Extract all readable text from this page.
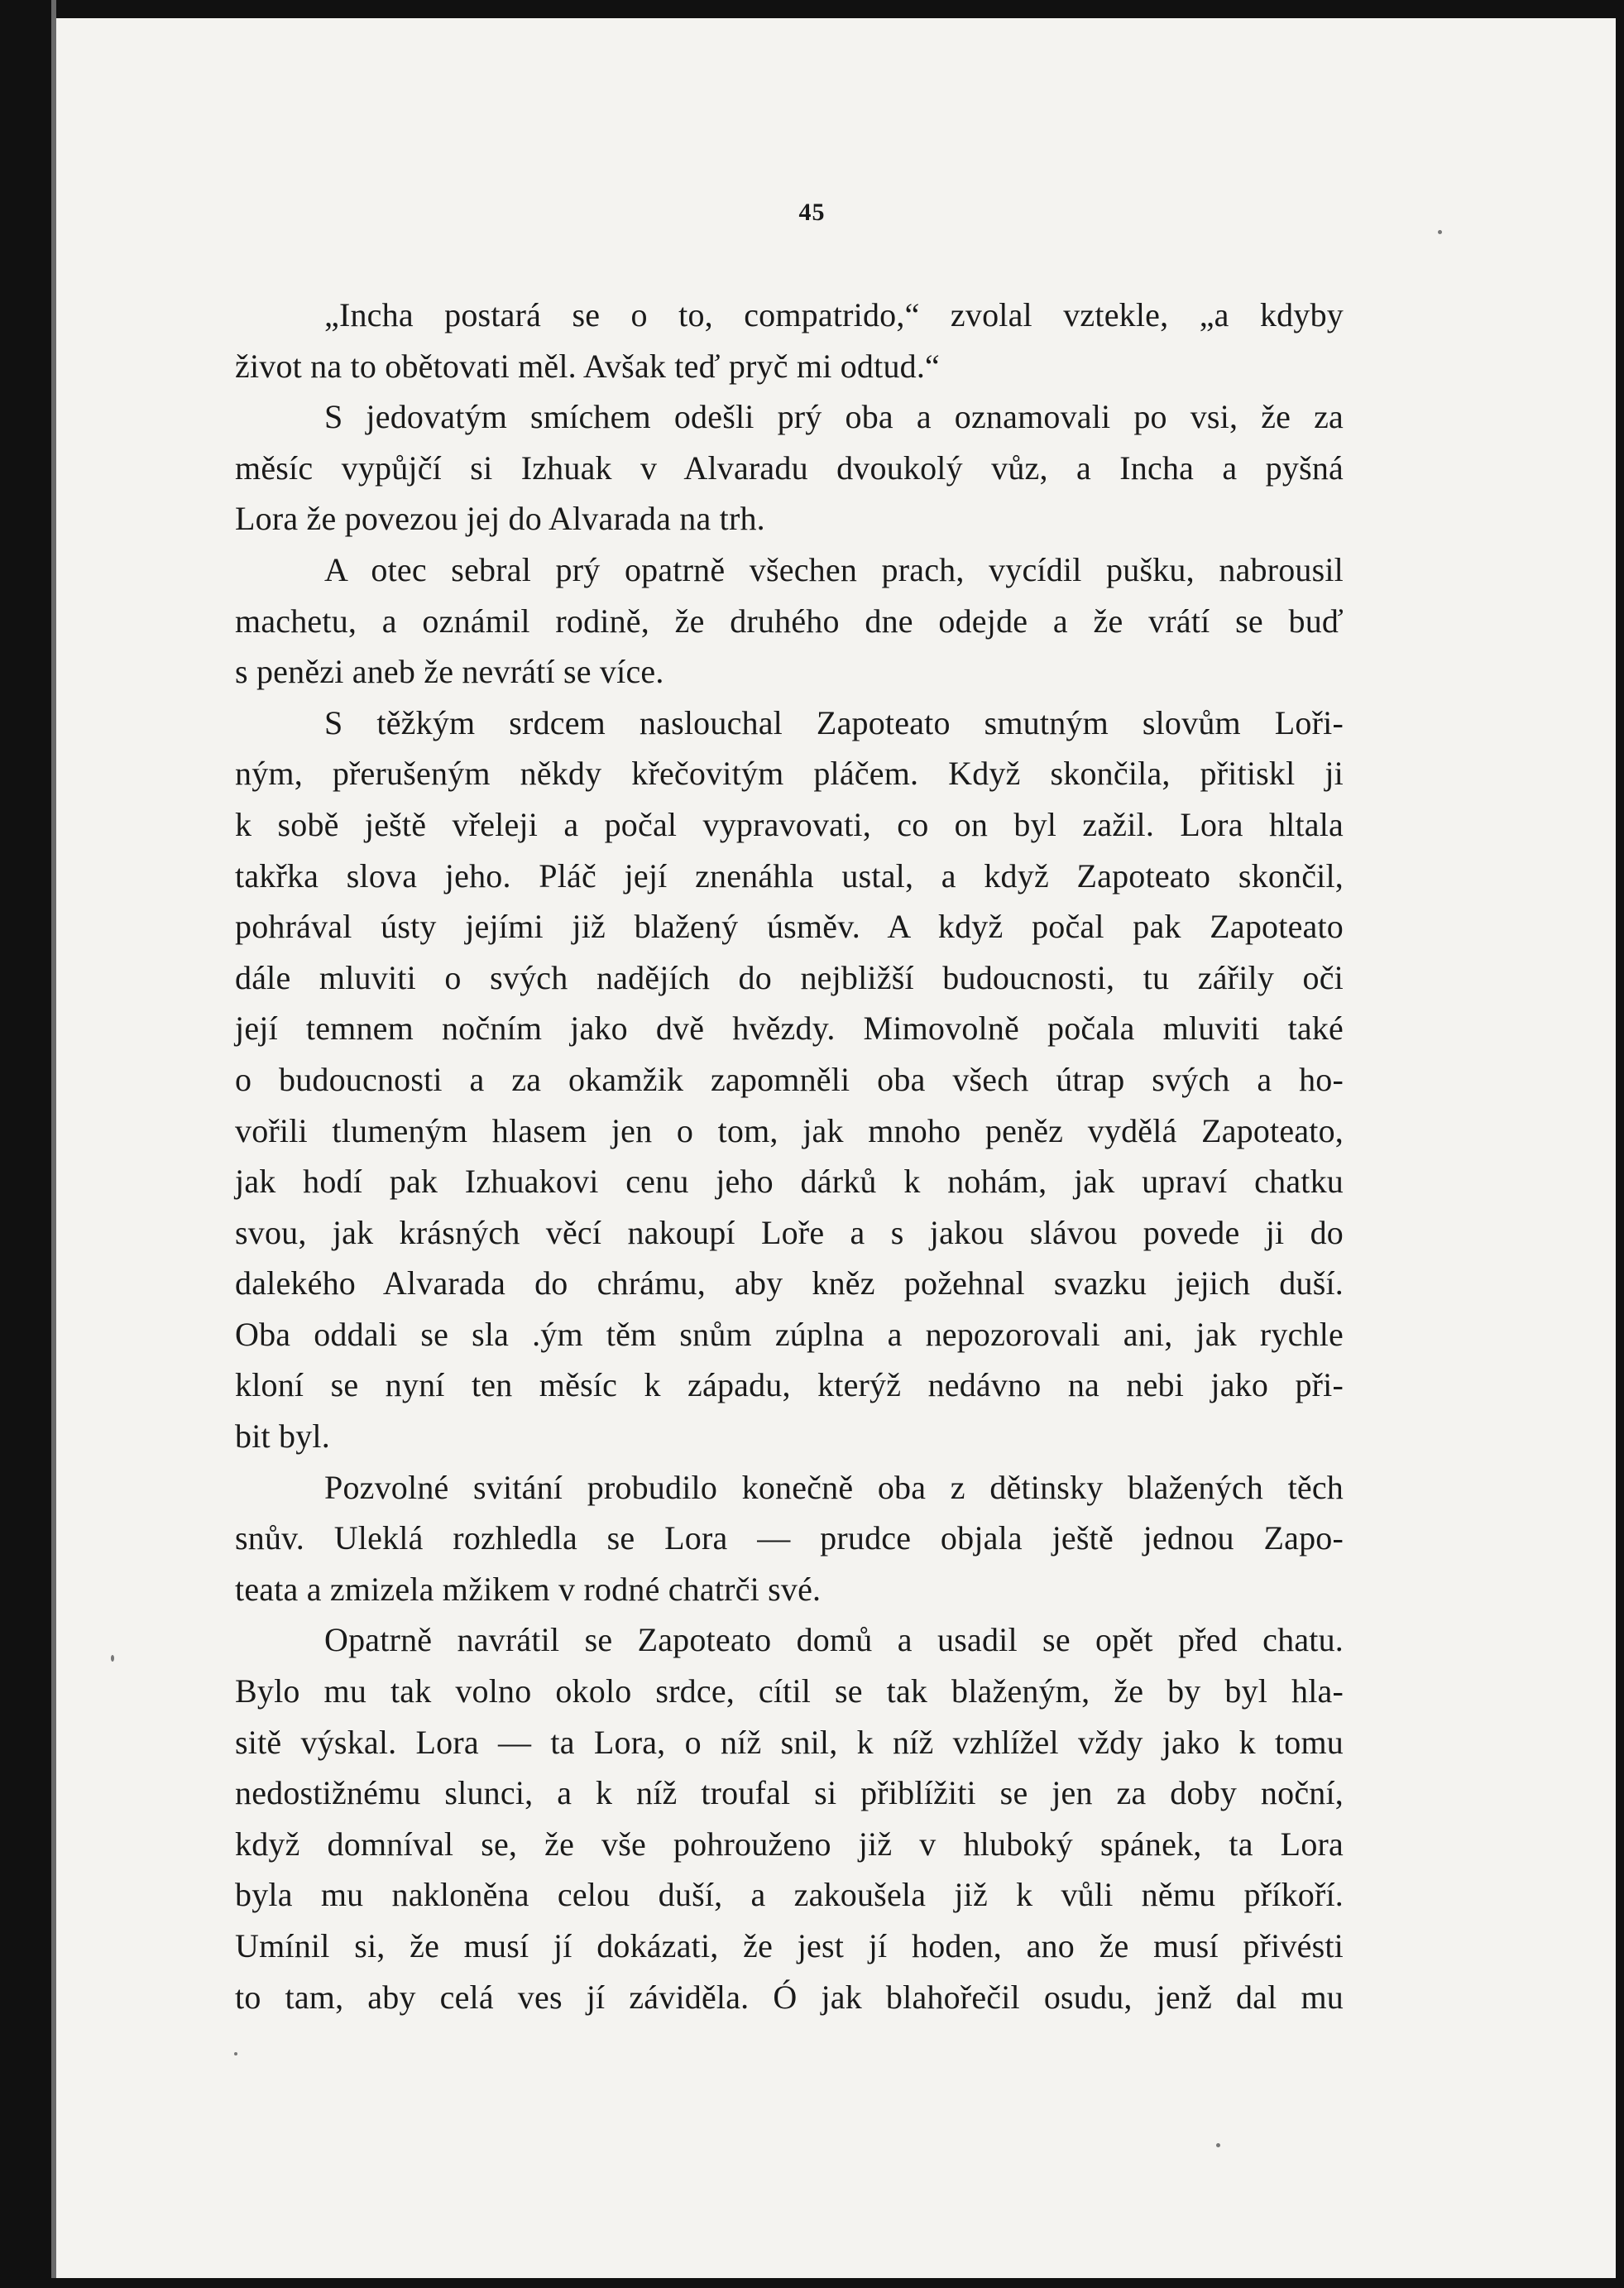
45
„Incha postará se o to, compatrido,“ zvolal vztekle, „a kdyby
život na to obětovati měl. Avšak teď pryč mi odtud.“
S jedovatým smíchem odešli prý oba a oznamovali po vsi, že za
měsíc vypůjčí si Izhuak v Alvaradu dvoukolý vůz, a Incha a pyšná
Lora že povezou jej do Alvarada na trh.
A otec sebral prý opatrně všechen prach, vycídil pušku, nabrousil
machetu, a oznámil rodině, že druhého dne odejde a že vrátí se buď
s penězi aneb že nevrátí se více.
S těžkým srdcem naslouchal Zapoteato smutným slovům Loři-
ným, přerušeným někdy křečovitým pláčem. Když skončila, přitiskl ji
k sobě ještě vřeleji a počal vypravovati, co on byl zažil. Lora hltala
takřka slova jeho. Pláč její znenáhla ustal, a když Zapoteato skončil,
pohrával ústy jejími již blažený úsměv. A když počal pak Zapoteato
dále mluviti o svých nadějích do nejbližší budoucnosti, tu zářily oči
její temnem nočním jako dvě hvězdy. Mimovolně počala mluviti také
o budoucnosti a za okamžik zapomněli oba všech útrap svých a ho-
vořili tlumeným hlasem jen o tom, jak mnoho peněz vydělá Zapoteato,
jak hodí pak Izhuakovi cenu jeho dárků k nohám, jak upraví chatku
svou, jak krásných věcí nakoupí Loře a s jakou slávou povede ji do
dalekého Alvarada do chrámu, aby kněz požehnal svazku jejich duší.
Oba oddali se sla .ým těm snům zúplna a nepozorovali ani, jak rychle
kloní se nyní ten měsíc k západu, kterýž nedávno na nebi jako při-
bit byl.
Pozvolné svitání probudilo konečně oba z dětinsky blažených těch
snův. Uleklá rozhledla se Lora — prudce objala ještě jednou Zapo-
teata a zmizela mžikem v rodné chatrči své.
Opatrně navrátil se Zapoteato domů a usadil se opět před chatu.
Bylo mu tak volno okolo srdce, cítil se tak blaženým, že by byl hla-
sitě výskal. Lora — ta Lora, o níž snil, k níž vzhlížel vždy jako k tomu
nedostižnému slunci, a k níž troufal si přiblížiti se jen za doby noční,
když domníval se, že vše pohrouženo již v hluboký spánek, ta Lora
byla mu nakloněna celou duší, a zakoušela již k vůli němu příkoří.
Umínil si, že musí jí dokázati, že jest jí hoden, ano že musí přivésti
to tam, aby celá ves jí záviděla. Ó jak blahořečil osudu, jenž dal mu
